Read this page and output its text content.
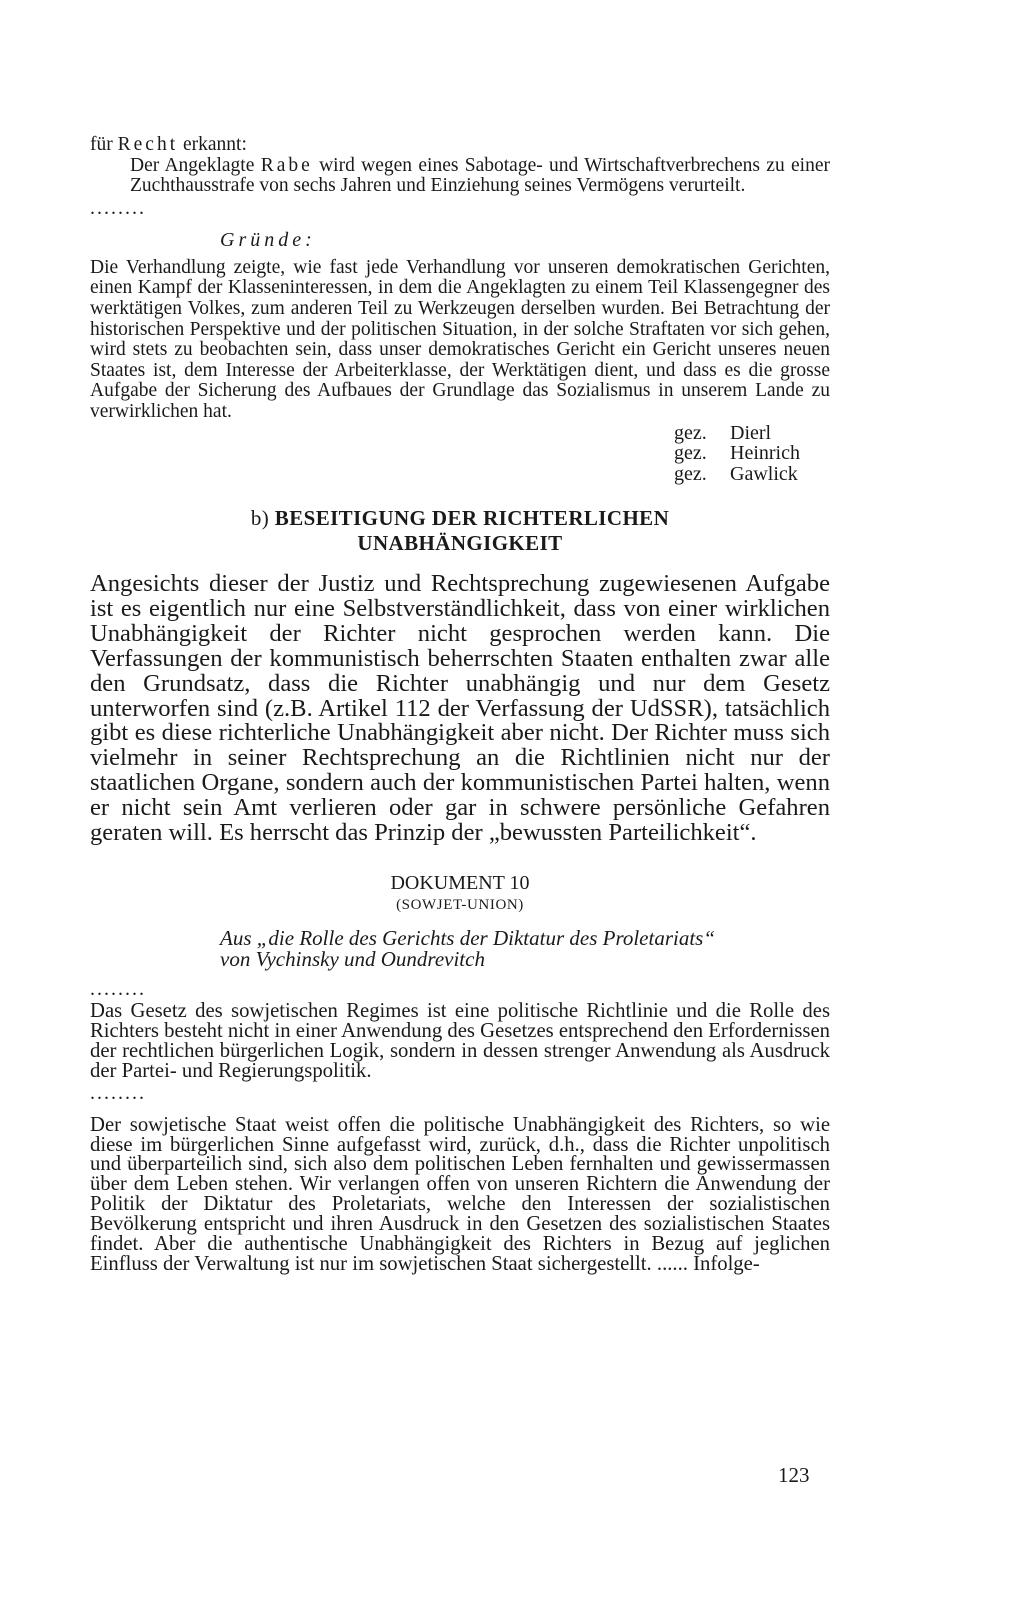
für Recht erkannt:
Der Angeklagte Rabe wird wegen eines Sabotage- und Wirtschaftverbrechens zu einer Zuchthausstrafe von sechs Jahren und Einziehung seines Vermögens verurteilt.
........
Gründe:

Die Verhandlung zeigte, wie fast jede Verhandlung vor unseren demokratischen Gerichten, einen Kampf der Klasseninteressen, in dem die Angeklagten zu einem Teil Klassengegner des werktätigen Volkes, zum anderen Teil zu Werkzeugen derselben wurden. Bei Betrachtung der historischen Perspektive und der politischen Situation, in der solche Straftaten vor sich gehen, wird stets zu beobachten sein, dass unser demokratisches Gericht ein Gericht unseres neuen Staates ist, dem Interesse der Arbeiterklasse, der Werktätigen dient, und dass es die grosse Aufgabe der Sicherung des Aufbaues der Grundlage das Sozialismus in unserem Lande zu verwirklichen hat.

gez. Dierl
gez. Heinrich
gez. Gawlick
b) BESEITIGUNG DER RICHTERLICHEN
UNABHÄNGIGKEIT

Angesichts dieser der Justiz und Rechtsprechung zugewiesenen Aufgabe ist es eigentlich nur eine Selbstverständlichkeit, dass von einer wirklichen Unabhängigkeit der Richter nicht gesprochen werden kann. Die Verfassungen der kommunistisch beherrschten Staaten enthalten zwar alle den Grundsatz, dass die Richter unabhängig und nur dem Gesetz unterworfen sind (z.B. Artikel 112 der Verfassung der UdSSR), tatsächlich gibt es diese richterliche Unabhängigkeit aber nicht. Der Richter muss sich vielmehr in seiner Rechtsprechung an die Richtlinien nicht nur der staatlichen Organe, sondern auch der kommunistischen Partei halten, wenn er nicht sein Amt verlieren oder gar in schwere persönliche Gefahren geraten will. Es herrscht das Prinzip der „bewussten Parteilichkeit“.

DOKUMENT 10
(SOWJET-UNION)
Aus „die Rolle des Gerichts der Diktatur des Proletariats“
von Vychinsky und Oundrevitch
........

Das Gesetz des sowjetischen Regimes ist eine politische Richtlinie und die Rolle des Richters besteht nicht in einer Anwendung des Gesetzes entsprechend den Erfordernissen der rechtlichen bürgerlichen Logik, sondern in dessen strenger Anwendung als Ausdruck der Partei- und Regierungspolitik.

........

Der sowjetische Staat weist offen die politische Unabhängigkeit des Richters, so wie diese im bürgerlichen Sinne aufgefasst wird, zurück, d.h., dass die Richter unpolitisch und überparteilich sind, sich also dem politischen Leben fernhalten und gewissermassen über dem Leben stehen. Wir verlangen offen von unseren Richtern die Anwendung der Politik der Diktatur des Proletariats, welche den Interessen der sozialistischen Bevölkerung entspricht und ihren Ausdruck in den Gesetzen des sozialistischen Staates findet. Aber die authentische Unabhängigkeit des Richters in Bezug auf jeglichen Einfluss der Verwaltung ist nur im sowjetischen Staat sichergestellt. ...... Infolge-

123
